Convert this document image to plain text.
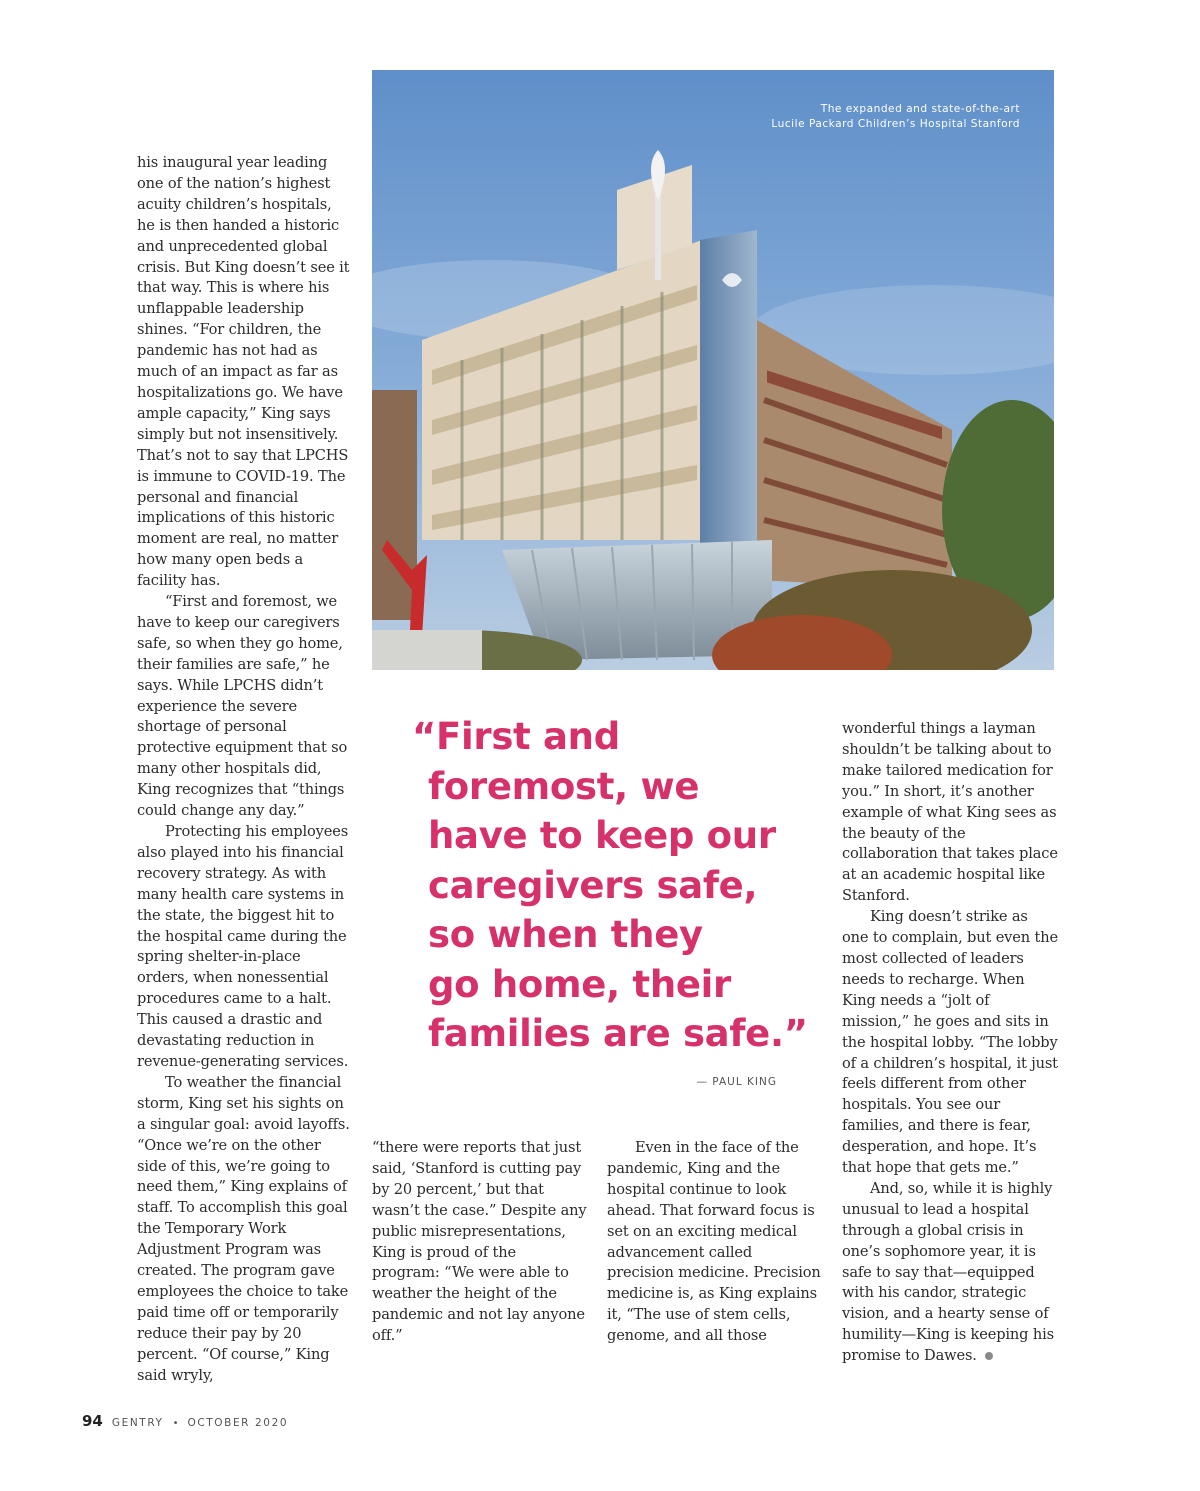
his inaugural year leading one of the nation’s highest acuity children’s hospitals, he is then handed a historic and unprecedented global crisis. But King doesn’t see it that way. This is where his unflappable leadership shines. “For children, the pandemic has not had as much of an impact as far as hospitalizations go. We have ample capacity,” King says simply but not insensitively. That’s not to say that LPCHS is immune to COVID-19. The personal and financial implications of this historic moment are real, no matter how many open beds a facility has.

“First and foremost, we have to keep our caregivers safe, so when they go home, their families are safe,” he says. While LPCHS didn’t experience the severe shortage of personal protective equipment that so many other hospitals did, King recognizes that “things could change any day.”

Protecting his employees also played into his financial recovery strategy. As with many health care systems in the state, the biggest hit to the hospital came during the spring shelter-in-place orders, when nonessential procedures came to a halt. This caused a drastic and devastating reduction in revenue-generating services.

To weather the financial storm, King set his sights on a singular goal: avoid layoffs. “Once we’re on the other side of this, we’re going to need them,” King explains of staff. To accomplish this goal the Temporary Work Adjustment Program was created. The program gave employees the choice to take paid time off or temporarily reduce their pay by 20 percent. “Of course,” King said wryly,

The expanded and state-of-the-art
Lucile Packard Children’s Hospital Stanford
“First and
foremost, we
have to keep our
caregivers safe,
so when they
go home, their
families are safe.”
— PAUL KING

“there were reports that just said, ‘Stanford is cutting pay by 20 percent,’ but that wasn’t the case.” Despite any public misrepresentations, King is proud of the program: “We were able to weather the height of the pandemic and not lay anyone off.”

Even in the face of the pandemic, King and the hospital continue to look ahead. That forward focus is set on an exciting medical advancement called precision medicine. Precision medicine is, as King explains it, “The use of stem cells, genome, and all those

wonderful things a layman shouldn’t be talking about to make tailored medication for you.” In short, it’s another example of what King sees as the beauty of the collaboration that takes place at an academic hospital like Stanford.

King doesn’t strike as one to complain, but even the most collected of leaders needs to recharge. When King needs a “jolt of mission,” he goes and sits in the hospital lobby. “The lobby of a children’s hospital, it just feels different from other hospitals. You see our families, and there is fear, desperation, and hope. It’s that hope that gets me.”

And, so, while it is highly unusual to lead a hospital through a global crisis in one’s sophomore year, it is safe to say that—equipped with his candor, strategic vision, and a hearty sense of humility—King is keeping his promise to Dawes.

94 GENTRY • OCTOBER 2020
